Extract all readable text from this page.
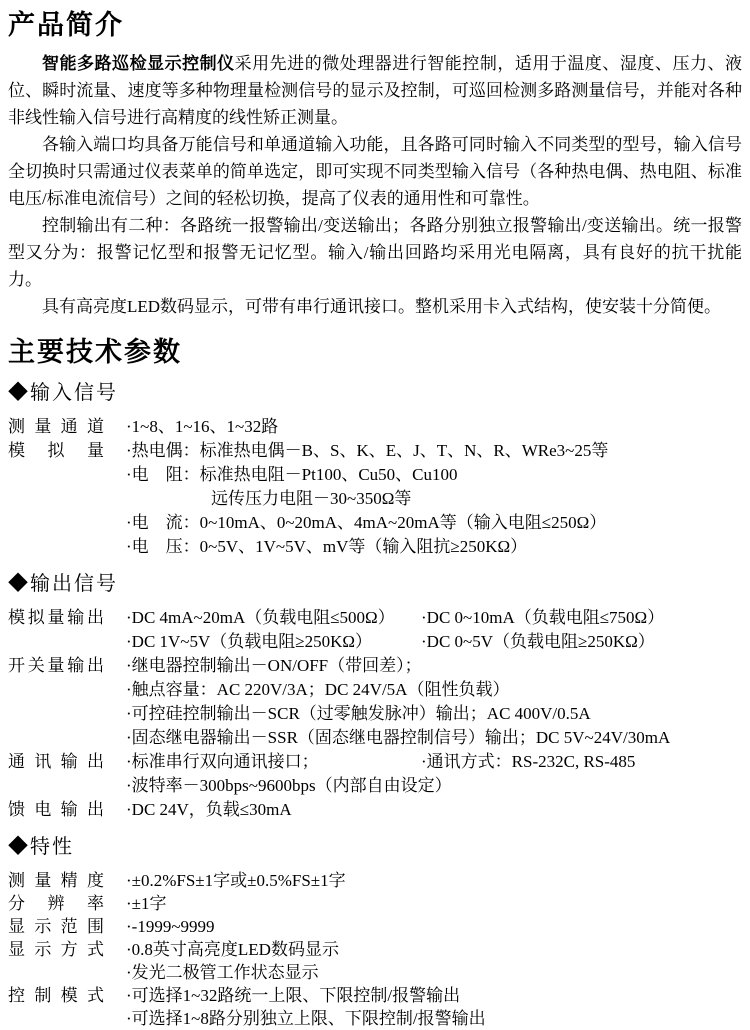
产品简介

智能多路巡检显示控制仪采用先进的微处理器进行智能控制，适用于温度、湿度、压力、液位、瞬时流量、速度等多种物理量检测信号的显示及控制，可巡回检测多路测量信号，并能对各种非线性输入信号进行高精度的线性矫正测量。

各输入端口均具备万能信号和单通道输入功能，且各路可同时输入不同类型的型号，输入信号全切换时只需通过仪表菜单的简单选定，即可实现不同类型输入信号（各种热电偶、热电阻、标准电压/标准电流信号）之间的轻松切换，提高了仪表的通用性和可靠性。

控制输出有二种：各路统一报警输出/变送输出；各路分别独立报警输出/变送输出。统一报警型又分为：报警记忆型和报警无记忆型。输入/输出回路均采用光电隔离，具有良好的抗干扰能力。

具有高亮度LED数码显示，可带有串行通讯接口。整机采用卡入式结构，使安装十分简便。

主要技术参数
◆输入信号
测量通道 ·1~8、1~16、1~32路
模拟量 ·热电偶：标准热电偶－B、S、K、E、J、T、N、R、WRe3~25等
·电　阻：标准热电阻－Pt100、Cu50、Cu100
　　　　　远传压力电阻－30~350Ω等
·电　流：0~10mA、0~20mA、4mA~20mA等（输入电阻≤250Ω）
·电　压：0~5V、1V~5V、mV等（输入阻抗≥250KΩ）
◆输出信号
模拟量输出 ·DC 4mA~20mA（负载电阻≤500Ω）	·DC 0~10mA（负载电阻≤750Ω）
·DC 1V~5V（负载电阻≥250KΩ）	·DC 0~5V（负载电阻≥250KΩ）
开关量输出 ·继电器控制输出－ON/OFF（带回差）；
·触点容量：AC 220V/3A；DC 24V/5A（阻性负载）
·可控硅控制输出－SCR（过零触发脉冲）输出；AC 400V/0.5A
·固态继电器输出－SSR（固态继电器控制信号）输出；DC 5V~24V/30mA
通讯输出 ·标准串行双向通讯接口；	·通讯方式：RS-232C, RS-485
·波特率－300bps~9600bps（内部自由设定）
馈电输出 ·DC 24V，负载≤30mA
◆特性
测量精度 ·±0.2%FS±1字或±0.5%FS±1字
分辨率 ·±1字
显示范围 ·-1999~9999
显示方式 ·0.8英寸高亮度LED数码显示
·发光二极管工作状态显示
控制模式 ·可选择1~32路统一上限、下限控制/报警输出
·可选择1~8路分别独立上限、下限控制/报警输出
